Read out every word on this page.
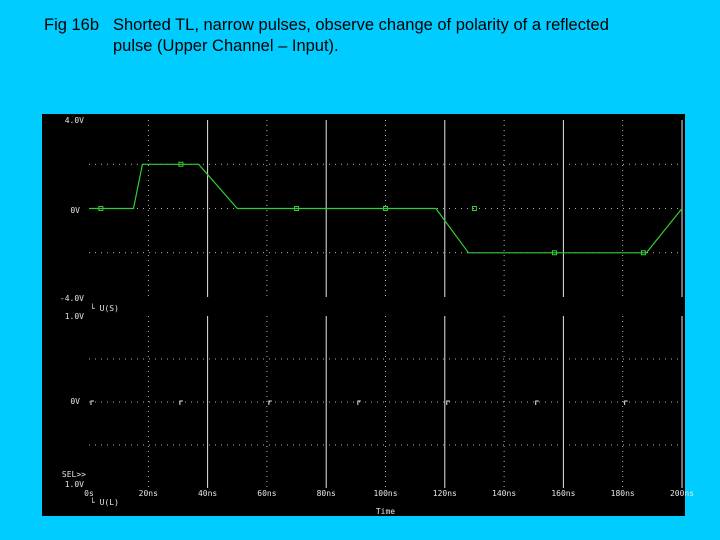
Fig 16b Shorted TL, narrow pulses, observe change of polarity of a reflected
pulse (Upper Channel – Input).
4.0V
0V
-4.0V
└ U(S)
1.0V
0V
SEL>>
1.0V
└ U(L)
0s	20ns	40ns	60ns	80ns	100ns	120ns	140ns	160ns	180ns	200ns
Time
